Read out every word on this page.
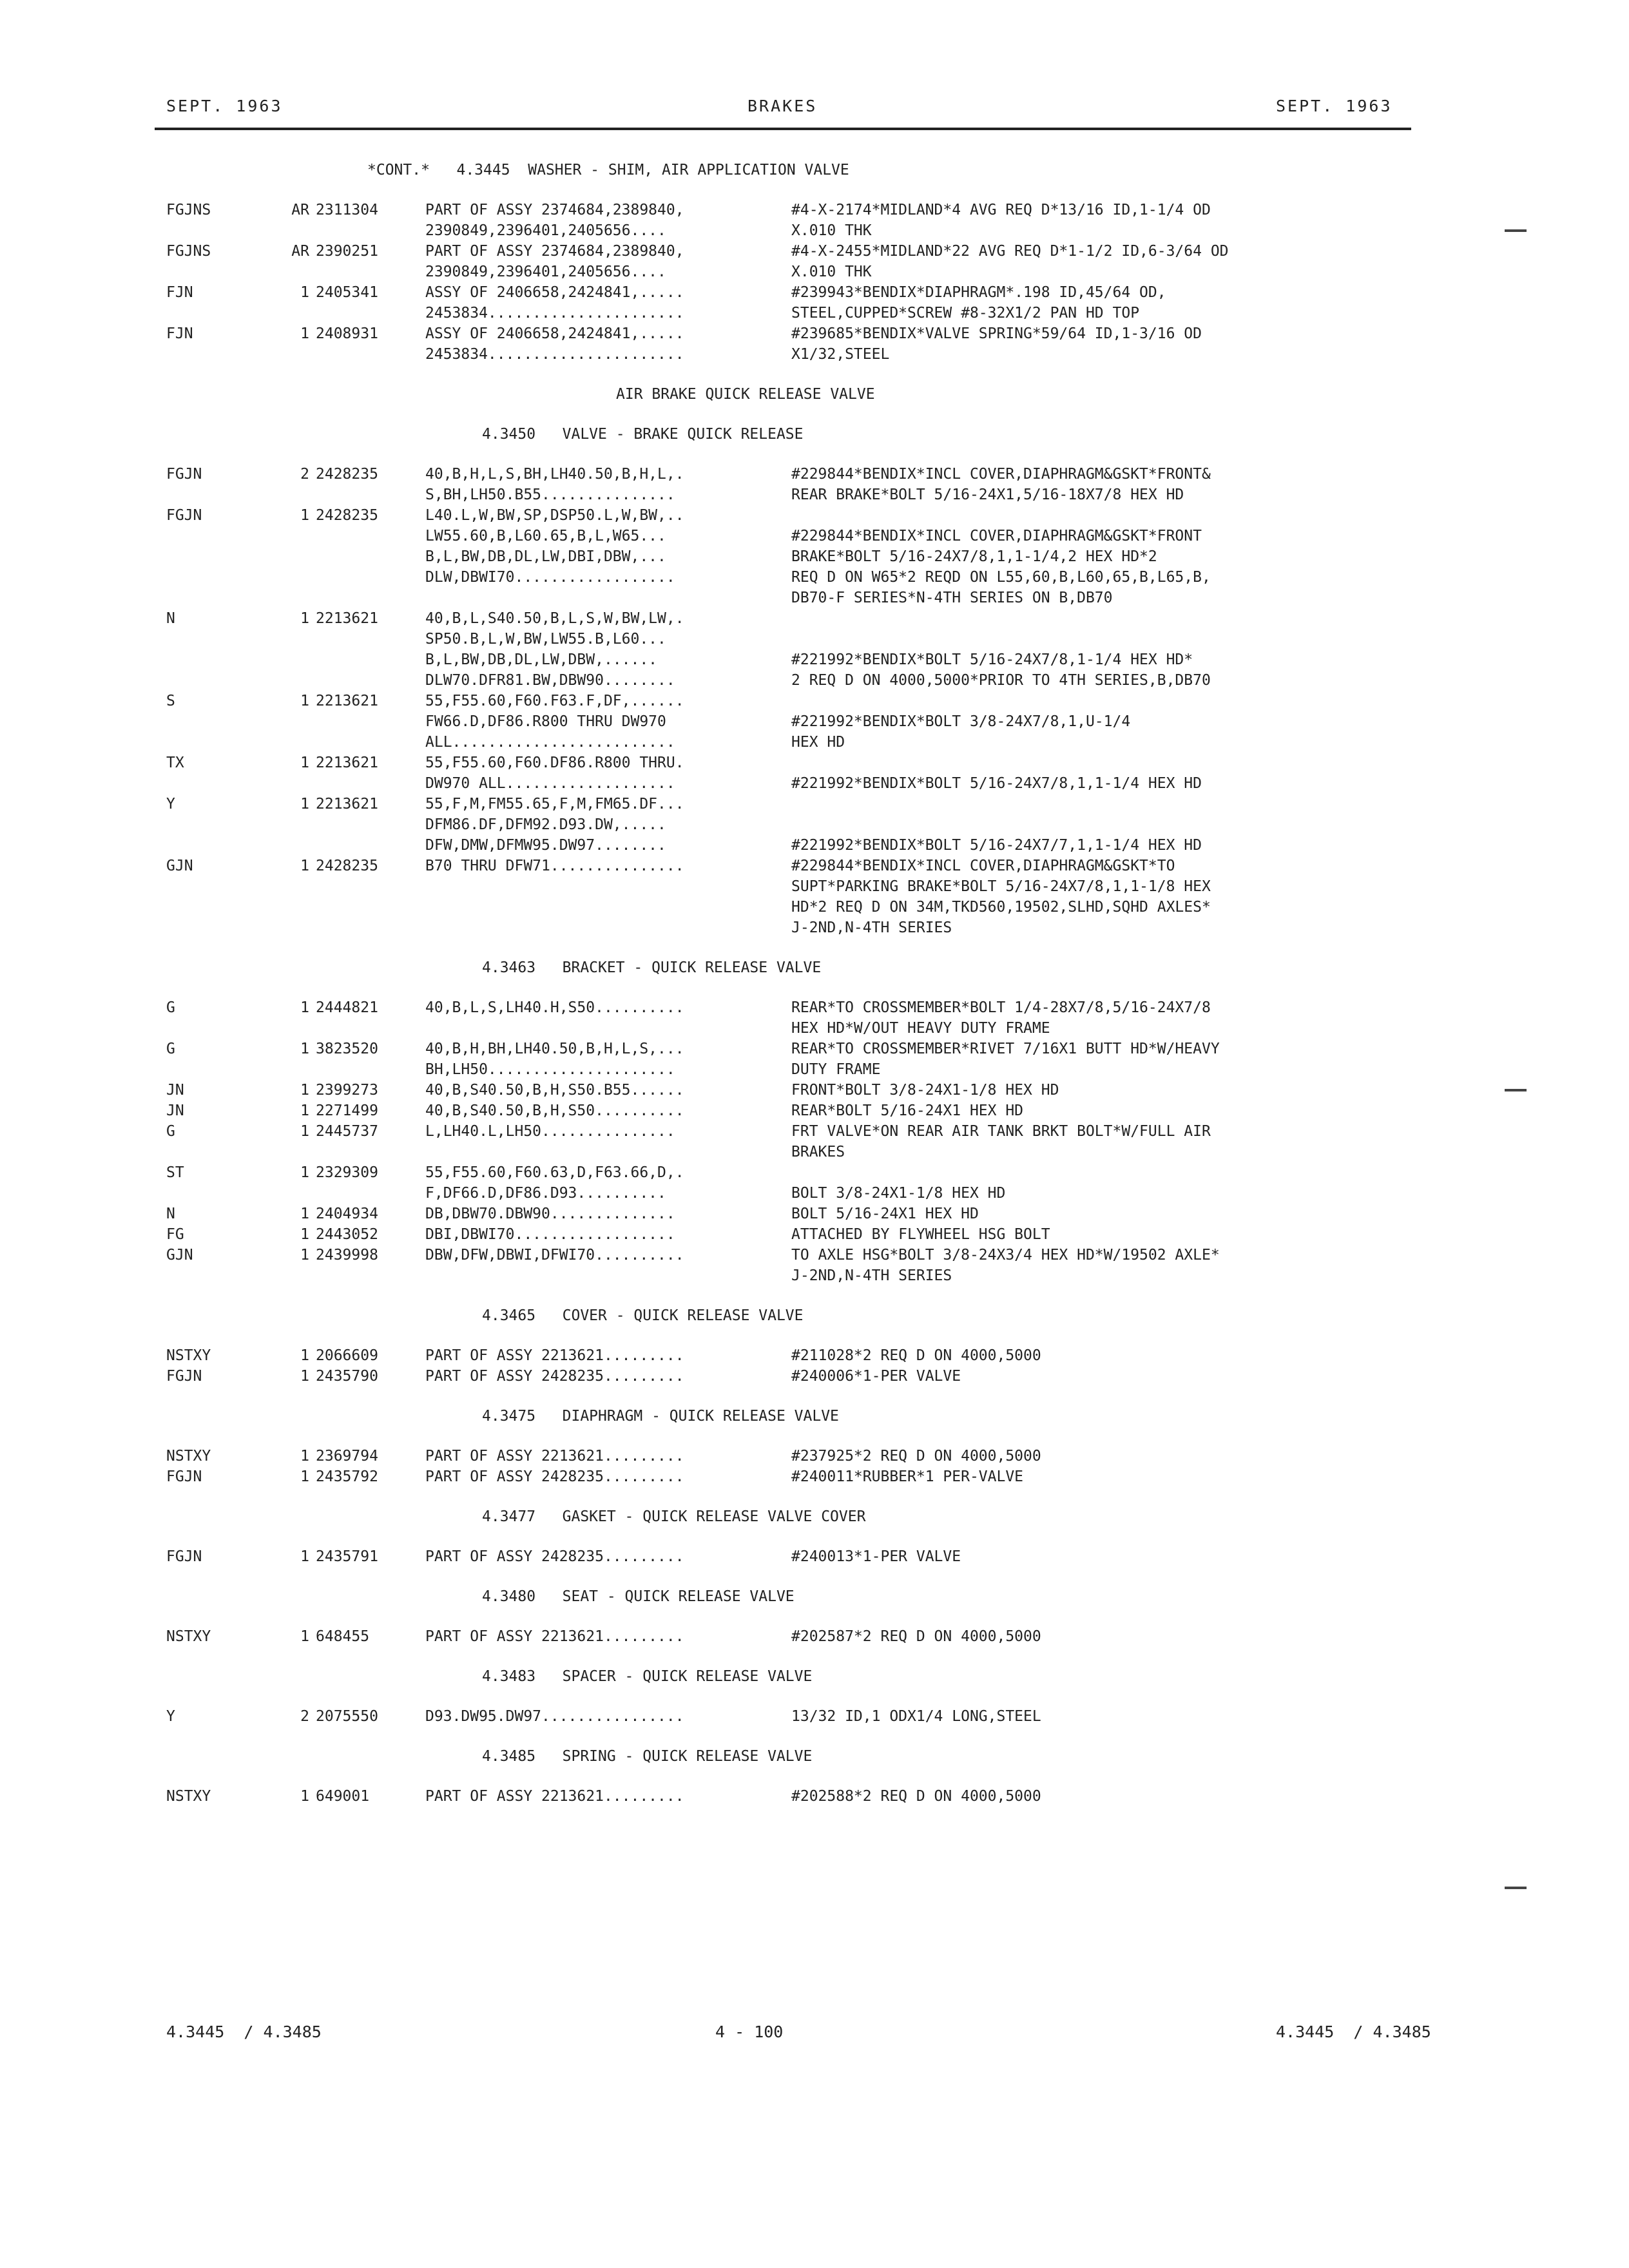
SEPT. 1963	BRAKES	SEPT. 1963
*CONT.*   4.3445  WASHER - SHIM, AIR APPLICATION VALVE
FGJNS	AR 2311304	PART OF ASSY 2374684,2389840,	#4-X-2174*MIDLAND*4 AVG REQ D*13/16 ID,1-1/4 OD
2390849,2396401,2405656....	X.010 THK
FGJNS	AR 2390251	PART OF ASSY 2374684,2389840,	#4-X-2455*MIDLAND*22 AVG REQ D*1-1/2 ID,6-3/64 OD
2390849,2396401,2405656....	X.010 THK
FJN	1 2405341	ASSY OF 2406658,2424841,.....	#239943*BENDIX*DIAPHRAGM*.198 ID,45/64 OD,
2453834......................	STEEL,CUPPED*SCREW #8-32X1/2 PAN HD TOP
FJN	1 2408931	ASSY OF 2406658,2424841,.....	#239685*BENDIX*VALVE SPRING*59/64 ID,1-3/16 OD
2453834......................	X1/32,STEEL
AIR BRAKE QUICK RELEASE VALVE
4.3450   VALVE - BRAKE QUICK RELEASE
FGJN	2 2428235	40,B,H,L,S,BH,LH40.50,B,H,L,.	#229844*BENDIX*INCL COVER,DIAPHRAGM&GSKT*FRONT&
S,BH,LH50.B55...............	REAR BRAKE*BOLT 5/16-24X1,5/16-18X7/8 HEX HD
FGJN	1 2428235	L40.L,W,BW,SP,DSP50.L,W,BW,..
LW55.60,B,L60.65,B,L,W65...	#229844*BENDIX*INCL COVER,DIAPHRAGM&GSKT*FRONT
B,L,BW,DB,DL,LW,DBI,DBW,...	BRAKE*BOLT 5/16-24X7/8,1,1-1/4,2 HEX HD*2
DLW,DBWI70..................	REQ D ON W65*2 REQD ON L55,60,B,L60,65,B,L65,B,
DB70-F SERIES*N-4TH SERIES ON B,DB70
N	1 2213621	40,B,L,S40.50,B,L,S,W,BW,LW,.
SP50.B,L,W,BW,LW55.B,L60...
B,L,BW,DB,DL,LW,DBW,......	#221992*BENDIX*BOLT 5/16-24X7/8,1-1/4 HEX HD*
DLW70.DFR81.BW,DBW90........	2 REQ D ON 4000,5000*PRIOR TO 4TH SERIES,B,DB70
S	1 2213621	55,F55.60,F60.F63.F,DF,......
FW66.D,DF86.R800 THRU DW970	#221992*BENDIX*BOLT 3/8-24X7/8,1,U-1/4
ALL.........................	HEX HD
TX	1 2213621	55,F55.60,F60.DF86.R800 THRU.
DW970 ALL...................	#221992*BENDIX*BOLT 5/16-24X7/8,1,1-1/4 HEX HD
Y	1 2213621	55,F,M,FM55.65,F,M,FM65.DF...
DFM86.DF,DFM92.D93.DW,.....
DFW,DMW,DFMW95.DW97........	#221992*BENDIX*BOLT 5/16-24X7/7,1,1-1/4 HEX HD
GJN	1 2428235	B70 THRU DFW71...............	#229844*BENDIX*INCL COVER,DIAPHRAGM&GSKT*TO
SUPT*PARKING BRAKE*BOLT 5/16-24X7/8,1,1-1/8 HEX
HD*2 REQ D ON 34M,TKD560,19502,SLHD,SQHD AXLES*
J-2ND,N-4TH SERIES
4.3463   BRACKET - QUICK RELEASE VALVE
G	1 2444821	40,B,L,S,LH40.H,S50..........	REAR*TO CROSSMEMBER*BOLT 1/4-28X7/8,5/16-24X7/8
HEX HD*W/OUT HEAVY DUTY FRAME
G	1 3823520	40,B,H,BH,LH40.50,B,H,L,S,...	REAR*TO CROSSMEMBER*RIVET 7/16X1 BUTT HD*W/HEAVY
BH,LH50.....................	DUTY FRAME
JN	1 2399273	40,B,S40.50,B,H,S50.B55......	FRONT*BOLT 3/8-24X1-1/8 HEX HD
JN	1 2271499	40,B,S40.50,B,H,S50..........	REAR*BOLT 5/16-24X1 HEX HD
G	1 2445737	L,LH40.L,LH50...............	FRT VALVE*ON REAR AIR TANK BRKT BOLT*W/FULL AIR
BRAKES
ST	1 2329309	55,F55.60,F60.63,D,F63.66,D,.
F,DF66.D,DF86.D93..........	BOLT 3/8-24X1-1/8 HEX HD
N	1 2404934	DB,DBW70.DBW90..............	BOLT 5/16-24X1 HEX HD
FG	1 2443052	DBI,DBWI70..................	ATTACHED BY FLYWHEEL HSG BOLT
GJN	1 2439998	DBW,DFW,DBWI,DFWI70..........	TO AXLE HSG*BOLT 3/8-24X3/4 HEX HD*W/19502 AXLE*
J-2ND,N-4TH SERIES
4.3465   COVER - QUICK RELEASE VALVE
NSTXY	1 2066609	PART OF ASSY 2213621.........	#211028*2 REQ D ON 4000,5000
FGJN	1 2435790	PART OF ASSY 2428235.........	#240006*1-PER VALVE
4.3475   DIAPHRAGM - QUICK RELEASE VALVE
NSTXY	1 2369794	PART OF ASSY 2213621.........	#237925*2 REQ D ON 4000,5000
FGJN	1 2435792	PART OF ASSY 2428235.........	#240011*RUBBER*1 PER-VALVE
4.3477   GASKET - QUICK RELEASE VALVE COVER
FGJN	1 2435791	PART OF ASSY 2428235.........	#240013*1-PER VALVE
4.3480   SEAT - QUICK RELEASE VALVE
NSTXY	1 648455	PART OF ASSY 2213621.........	#202587*2 REQ D ON 4000,5000
4.3483   SPACER - QUICK RELEASE VALVE
Y	2 2075550	D93.DW95.DW97................	13/32 ID,1 ODX1/4 LONG,STEEL
4.3485   SPRING - QUICK RELEASE VALVE
NSTXY	1 649001	PART OF ASSY 2213621.........	#202588*2 REQ D ON 4000,5000
4.3445  / 4.3485	4 - 100	4.3445  / 4.3485
